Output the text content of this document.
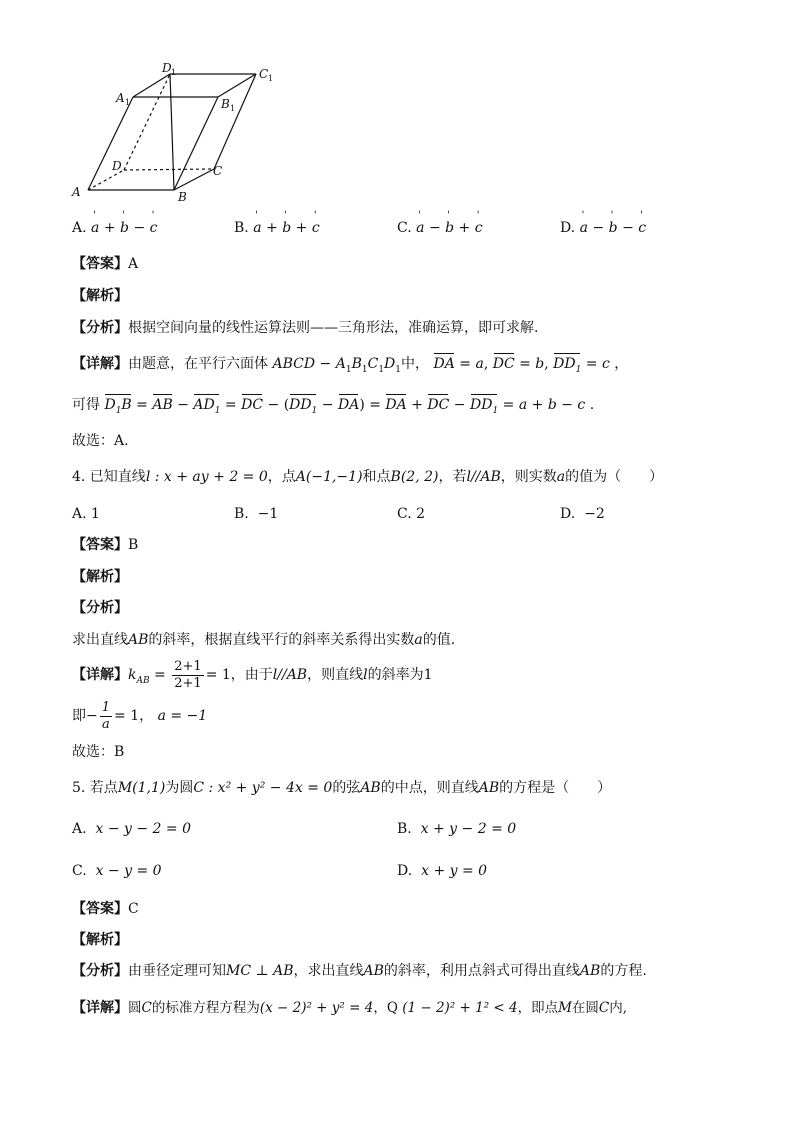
A	B
C
D
A	B
C
D
1
1
1
1
A. ' a + ' b − ' c	B. ' a + ' b + ' c	C. ' a − ' b + ' c	D. ' a − ' b − ' c
【答案】A
【解析】
【分析】根据空间向量的线性运算法则——三角形法，准确运算，即可求解.
【详解】由题意，在平行六面体 ABCD − $A_1B_1C_1D_1$中， DA = a, DC = b, $DD_1 = c$ ，
可得 $D_1B$ = AB − $AD_1$ = DC − $(DD_1 - DA)$ = DA + DC − $DD_1 = a + b - c$ .
故选：A.
4. 已知直线l : x + ay + 2 = 0，点A(−1,−1)和点B(2, 2)，若l//AB，则实数a的值为（　　）
A. 1	B. −1	C. 2	D. −2
【答案】B
【解析】
【分析】
求出直线AB的斜率，根据直线平行的斜率关系得出实数a的值.
【详解】$k_{AB} = \frac{2+1}{2+1} = 1$，由于l//AB，则直线l的斜率为1
即− $\frac{1}{a} = 1$， a = −1
故选：B
5. 若点M(1,1)为圆C : x² + y² − 4x = 0的弦AB的中点，则直线AB的方程是（　　）
A. x − y − 2 = 0	B. x + y − 2 = 0
C. x − y = 0	D. x + y = 0
【答案】C
【解析】
【分析】由垂径定理可知MC ⊥ AB，求出直线AB的斜率，利用点斜式可得出直线AB的方程.
【详解】圆C的标准方程方程为(x − 2)² + y² = 4，Q (1 − 2)² + 1² < 4，即点M在圆C内,
